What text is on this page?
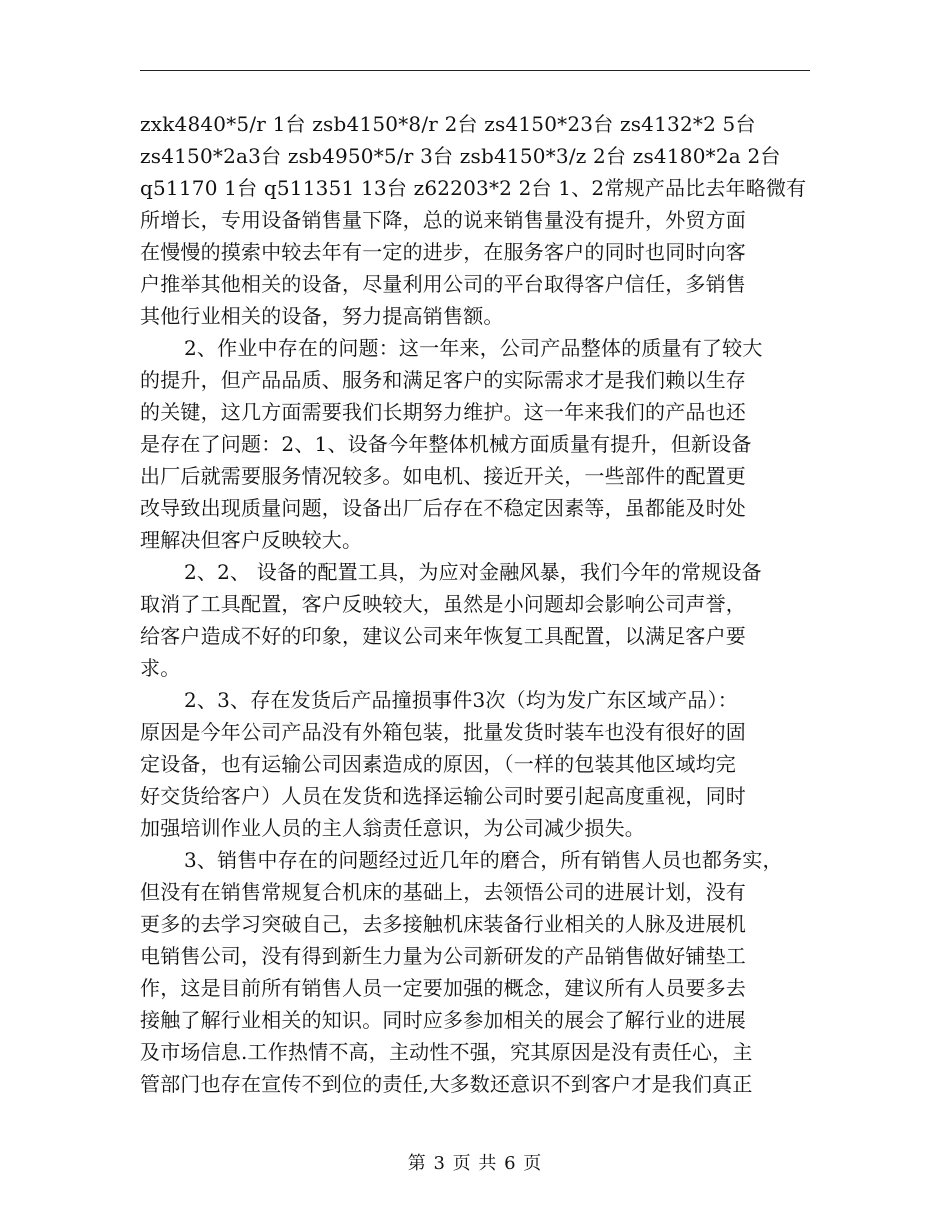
zxk4840*5/r 1台 zsb4150*8/r 2台 zs4150*23台 zs4132*2 5台
zs4150*2a3台 zsb4950*5/r 3台 zsb4150*3/z 2台 zs4180*2a 2台
q51170 1台 q511351 13台 z62203*2 2台 1、2常规产品比去年略微有
所增长，专用设备销售量下降，总的说来销售量没有提升，外贸方面
在慢慢的摸索中较去年有一定的进步，在服务客户的同时也同时向客
户推举其他相关的设备，尽量利用公司的平台取得客户信任，多销售
其他行业相关的设备，努力提高销售额。
2、作业中存在的问题：这一年来，公司产品整体的质量有了较大
的提升，但产品品质、服务和满足客户的实际需求才是我们赖以生存
的关键，这几方面需要我们长期努力维护。这一年来我们的产品也还
是存在了问题：2、1、设备今年整体机械方面质量有提升，但新设备
出厂后就需要服务情况较多。如电机、接近开关，一些部件的配置更
改导致出现质量问题，设备出厂后存在不稳定因素等，虽都能及时处
理解决但客户反映较大。
2、2、 设备的配置工具，为应对金融风暴，我们今年的常规设备
取消了工具配置，客户反映较大，虽然是小问题却会影响公司声誉，
给客户造成不好的印象，建议公司来年恢复工具配置，以满足客户要
求。
2、3、存在发货后产品撞损事件3次（均为发广东区域产品）：
原因是今年公司产品没有外箱包装，批量发货时装车也没有很好的固
定设备，也有运输公司因素造成的原因，（一样的包装其他区域均完
好交货给客户）人员在发货和选择运输公司时要引起高度重视，同时
加强培训作业人员的主人翁责任意识，为公司减少损失。
3、销售中存在的问题经过近几年的磨合，所有销售人员也都务实，
但没有在销售常规复合机床的基础上，去领悟公司的进展计划，没有
更多的去学习突破自己，去多接触机床装备行业相关的人脉及进展机
电销售公司，没有得到新生力量为公司新研发的产品销售做好铺垫工
作，这是目前所有销售人员一定要加强的概念，建议所有人员要多去
接触了解行业相关的知识。同时应多参加相关的展会了解行业的进展
及市场信息.工作热情不高，主动性不强，究其原因是没有责任心，主
管部门也存在宣传不到位的责任,大多数还意识不到客户才是我们真正
第 3 页 共 6 页
